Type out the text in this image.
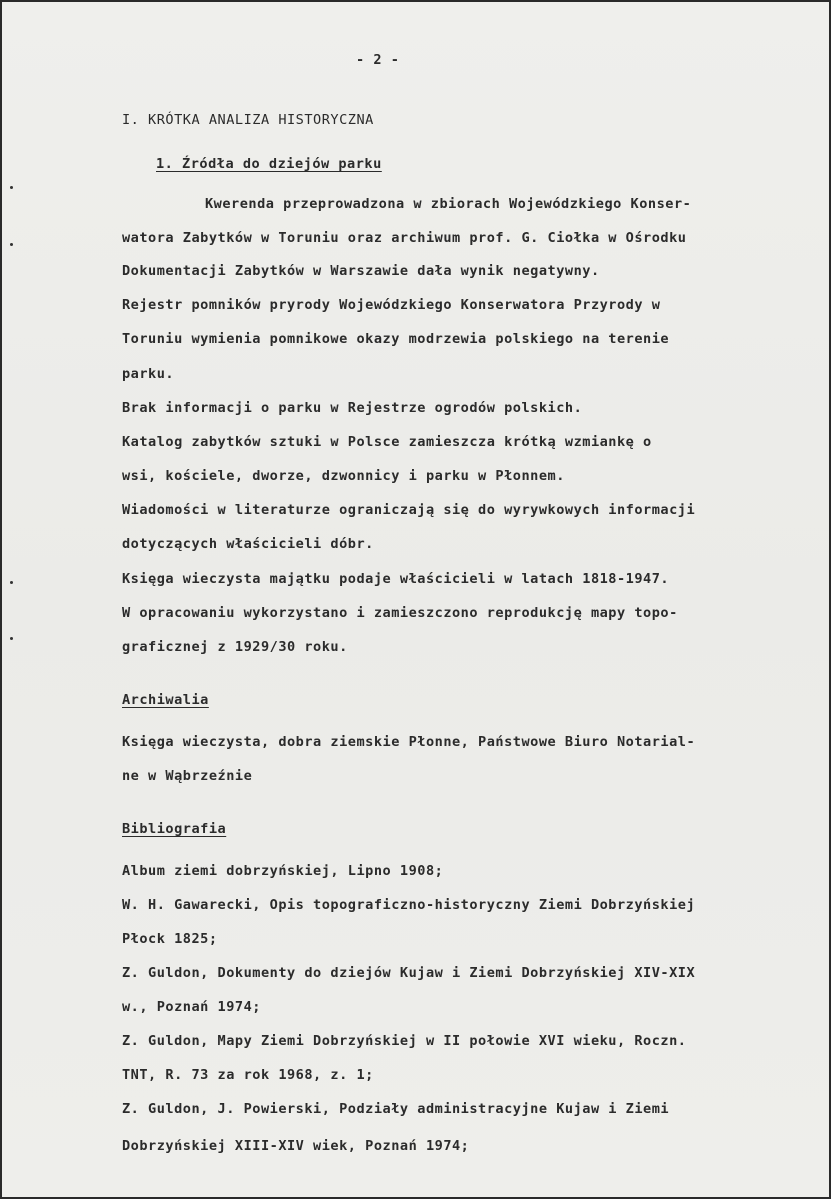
- 2 -
I. KRÓTKA ANALIZA HISTORYCZNA
1. Źródła do dziejów parku
Kwerenda przeprowadzona w zbiorach Wojewódzkiego Konser-
watora Zabytków w Toruniu oraz archiwum prof. G. Ciołka w Ośrodku
Dokumentacji Zabytków w Warszawie dała wynik negatywny.
Rejestr pomników pryrody Wojewódzkiego Konserwatora Przyrody w
Toruniu wymienia pomnikowe okazy modrzewia polskiego na terenie
parku.
Brak informacji o parku w Rejestrze ogrodów polskich.
Katalog zabytków sztuki w Polsce zamieszcza krótką wzmiankę o
wsi, kościele, dworze, dzwonnicy i parku w Płonnem.
Wiadomości w literaturze ograniczają się do wyrywkowych informacji
dotyczących właścicieli dóbr.
Księga wieczysta majątku podaje właścicieli w latach 1818-1947.
W opracowaniu wykorzystano i zamieszczono reprodukcję mapy topo-
graficznej z 1929/30 roku.
Archiwalia
Księga wieczysta, dobra ziemskie Płonne, Państwowe Biuro Notarial-
ne w Wąbrzeźnie
Bibliografia
Album ziemi dobrzyńskiej, Lipno 1908;
W. H. Gawarecki, Opis topograficzno-historyczny Ziemi Dobrzyńskiej
Płock 1825;
Z. Guldon, Dokumenty do dziejów Kujaw i Ziemi Dobrzyńskiej XIV-XIX
w., Poznań 1974;
Z. Guldon, Mapy Ziemi Dobrzyńskiej w II połowie XVI wieku, Roczn.
TNT, R. 73 za rok 1968, z. 1;
Z. Guldon, J. Powierski, Podziały administracyjne Kujaw i Ziemi
Dobrzyńskiej XIII-XIV wiek, Poznań 1974;
